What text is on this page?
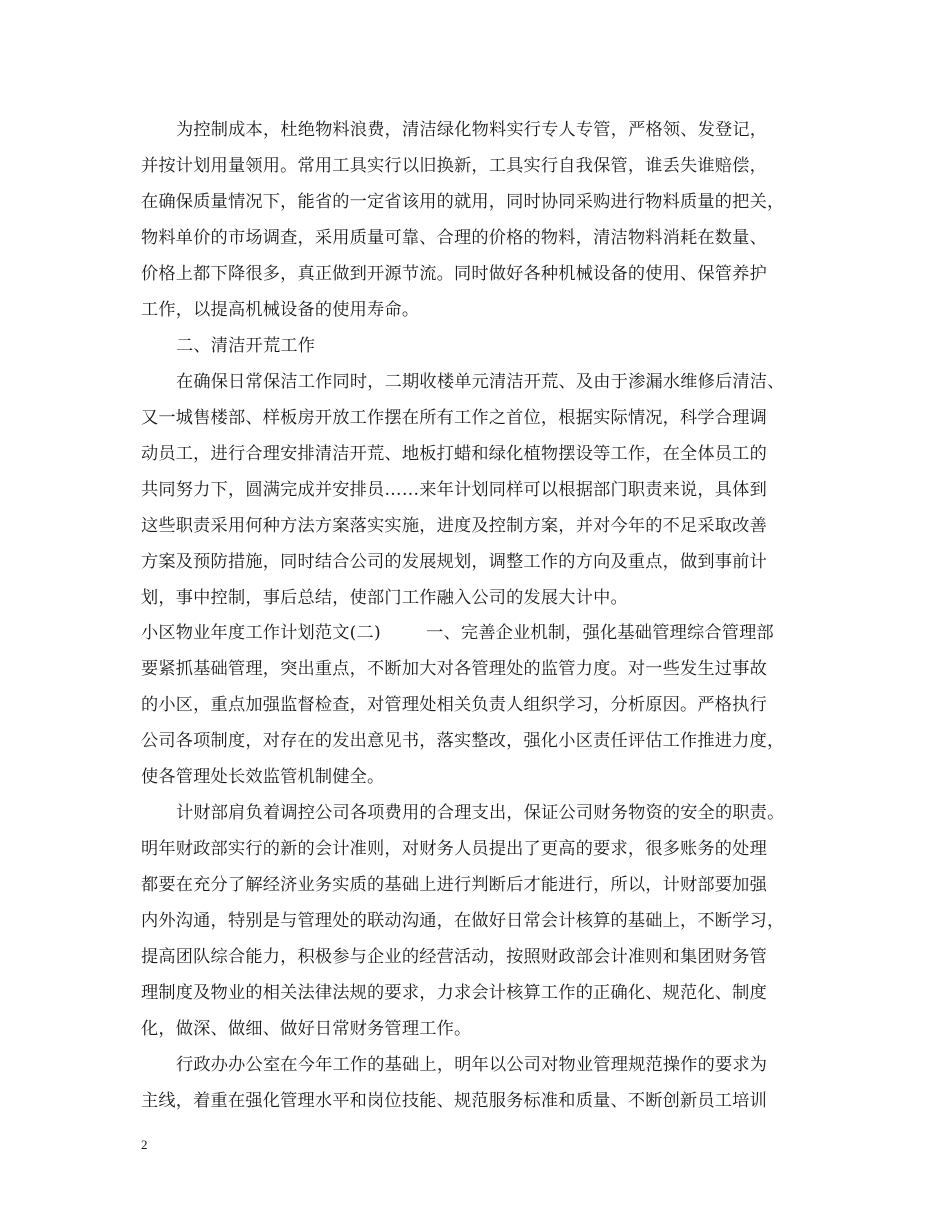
为控制成本，杜绝物料浪费，清洁绿化物料实行专人专管，严格领、发登记，
并按计划用量领用。常用工具实行以旧换新，工具实行自我保管，谁丢失谁赔偿，
在确保质量情况下，能省的一定省该用的就用，同时协同采购进行物料质量的把关，
物料单价的市场调查，采用质量可靠、合理的价格的物料，清洁物料消耗在数量、
价格上都下降很多，真正做到开源节流。同时做好各种机械设备的使用、保管养护
工作，以提高机械设备的使用寿命。
二、清洁开荒工作
在确保日常保洁工作同时，二期收楼单元清洁开荒、及由于渗漏水维修后清洁、
又一城售楼部、样板房开放工作摆在所有工作之首位，根据实际情况，科学合理调
动员工，进行合理安排清洁开荒、地板打蜡和绿化植物摆设等工作，在全体员工的
共同努力下，圆满完成并安排员……来年计划同样可以根据部门职责来说，具体到
这些职责采用何种方法方案落实实施，进度及控制方案，并对今年的不足采取改善
方案及预防措施，同时结合公司的发展规划，调整工作的方向及重点，做到事前计
划，事中控制，事后总结，使部门工作融入公司的发展大计中。
小区物业年度工作计划范文(二)        一、完善企业机制，强化基础管理综合管理部
要紧抓基础管理，突出重点，不断加大对各管理处的监管力度。对一些发生过事故
的小区，重点加强监督检查，对管理处相关负责人组织学习，分析原因。严格执行
公司各项制度，对存在的发出意见书，落实整改，强化小区责任评估工作推进力度，
使各管理处长效监管机制健全。
计财部肩负着调控公司各项费用的合理支出，保证公司财务物资的安全的职责。
明年财政部实行的新的会计准则，对财务人员提出了更高的要求，很多账务的处理
都要在充分了解经济业务实质的基础上进行判断后才能进行，所以，计财部要加强
内外沟通，特别是与管理处的联动沟通，在做好日常会计核算的基础上，不断学习，
提高团队综合能力，积极参与企业的经营活动，按照财政部会计准则和集团财务管
理制度及物业的相关法律法规的要求，力求会计核算工作的正确化、规范化、制度
化，做深、做细、做好日常财务管理工作。
行政办办公室在今年工作的基础上，明年以公司对物业管理规范操作的要求为
主线，着重在强化管理水平和岗位技能、规范服务标准和质量、不断创新员工培训
2
